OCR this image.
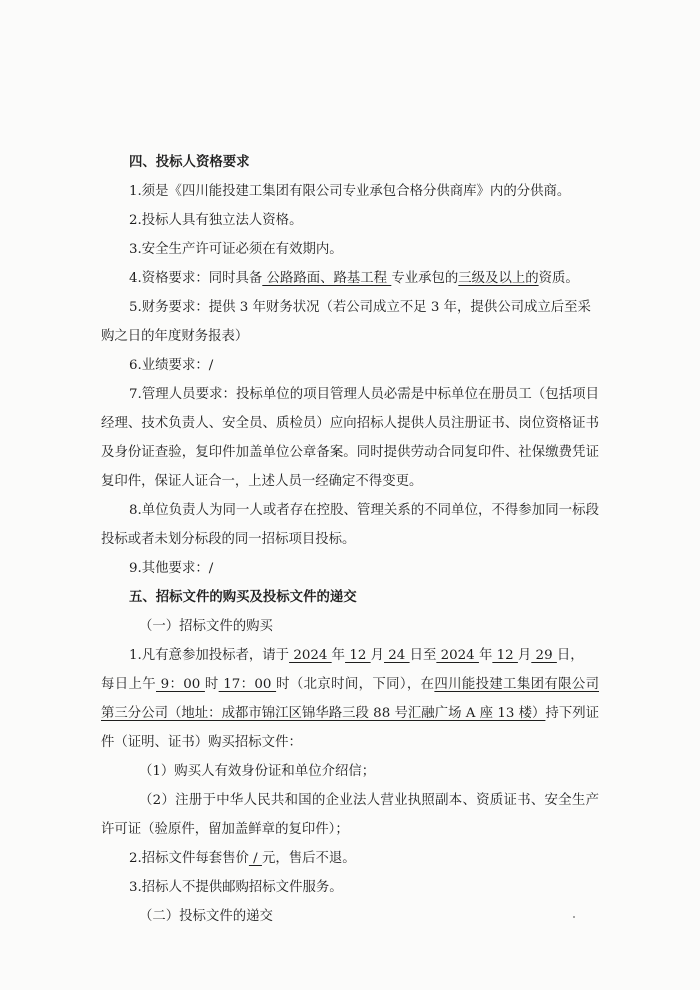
四、投标人资格要求

1.须是《四川能投建工集团有限公司专业承包合格分供商库》内的分供商。

2.投标人具有独立法人资格。

3.安全生产许可证必须在有效期内。

4.资格要求：同时具备 公路路面、路基工程 专业承包的三级及以上的资质。

5.财务要求：提供 3 年财务状况（若公司成立不足 3 年，提供公司成立后至采
购之日的年度财务报表）

6.业绩要求：/

7.管理人员要求：投标单位的项目管理人员必需是中标单位在册员工（包括项目经理、技术负责人、安全员、质检员）应向招标人提供人员注册证书、岗位资格证书及身份证查验，复印件加盖单位公章备案。同时提供劳动合同复印件、社保缴费凭证复印件，保证人证合一，上述人员一经确定不得变更。

8.单位负责人为同一人或者存在控股、管理关系的不同单位，不得参加同一标段投标或者未划分标段的同一招标项目投标。

9.其他要求：/

五、招标文件的购买及投标文件的递交

（一）招标文件的购买

1.凡有意参加投标者，请于 2024 年 12 月 24 日至 2024 年 12 月 29 日，
每日上午 9：00 时 17：00 时（北京时间，下同），在四川能投建工集团有限公司第三分公司（地址：成都市锦江区锦华路三段 88 号汇融广场 A 座 13 楼）持下列证件（证明、证书）购买招标文件：

（1）购买人有效身份证和单位介绍信；

（2）注册于中华人民共和国的企业法人营业执照副本、资质证书、安全生产许可证（验原件，留加盖鲜章的复印件）；

2.招标文件每套售价 / 元，售后不退。

3.招标人不提供邮购招标文件服务。

（二）投标文件的递交
